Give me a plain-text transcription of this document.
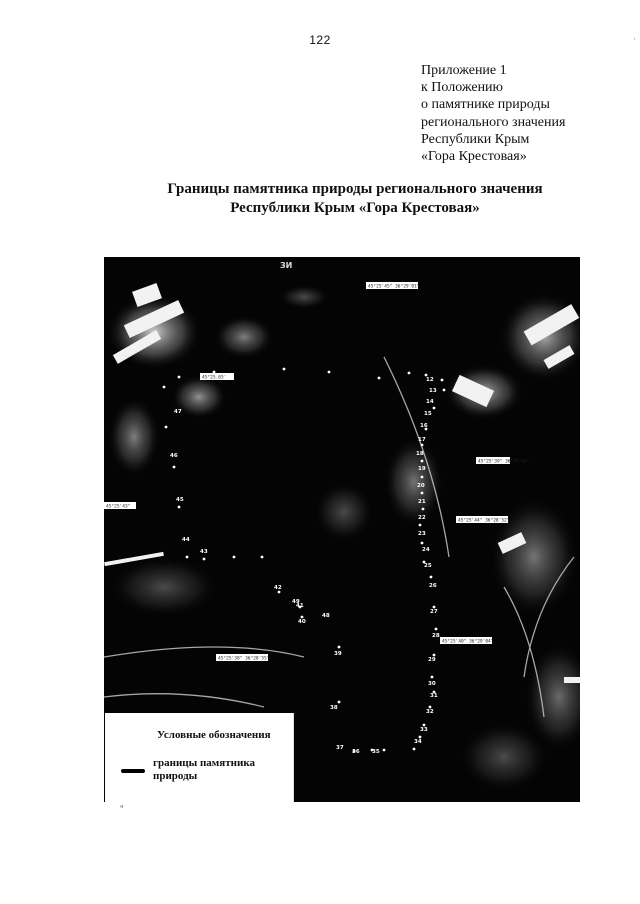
122	·
Приложение 1
к Положению
о памятнике природы
регионального значения
Республики Крым
«Гора Крестовая»
Границы памятника природы регионального значения
Республики Крым «Гора Крестовая»
45°25'45" 36°29'01"
45°25.65'
45°25'44" 36°28'52"
45°25'43"
45°25'40" 36°29'04"
45°25'38" 36°28'55"
45°25'39" 36°29'03"
ЗИ
12
13
14
15
16
17
18
19
20
21
22
23
24
25
26
27
28
29
30
31
32
33
34
35
36
37
38
39
40
41
42
43
44
45
46
47
48
49
Условные обозначения
границы памятника
природы
"
